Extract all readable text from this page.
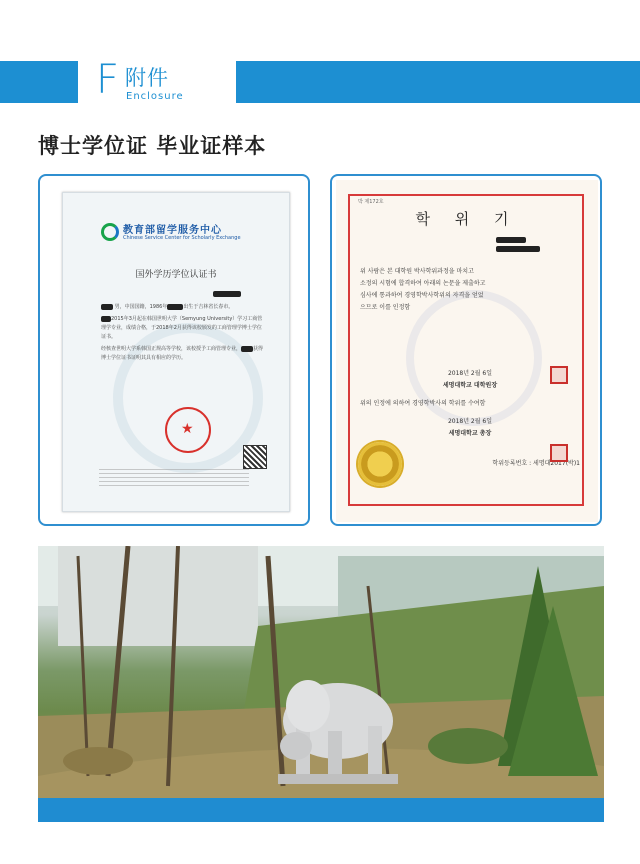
F 附件
Enclosure
博士学位证 毕业证样本
教育部留学服务中心
Chinese Service Center for Scholarly Exchange
国外学历学位认证书
男，中国国籍，1986年	出生于吉林省长春市。
2015年3月起在韩国世明大学（Semyung University）学习工商管理学专业，成绩合格，于2018年2月获得该校颁发的工商管理学博士学位证书。
经核查世明大学系韩国正规高等学校，该校授予工商管理专业， 获得博士学位证书证明其具有相应的学历。
★
박 제172호
학 위 기
위 사람은 본 대학원 박사학위과정을 마치고
소정의 시험에 합격하여 아래의 논문을 제출하고
심사에 통과하여 경영학박사학위의 자격을 얻었
으므로 이를 인정함
2018년 2월 6일
세명대학교 대학원장
위의 인정에 의하여 경영학박사의 학위를 수여함
2018년 2월 6일
세명대학교 총장
학위등록번호 : 세명대2017(박)1
